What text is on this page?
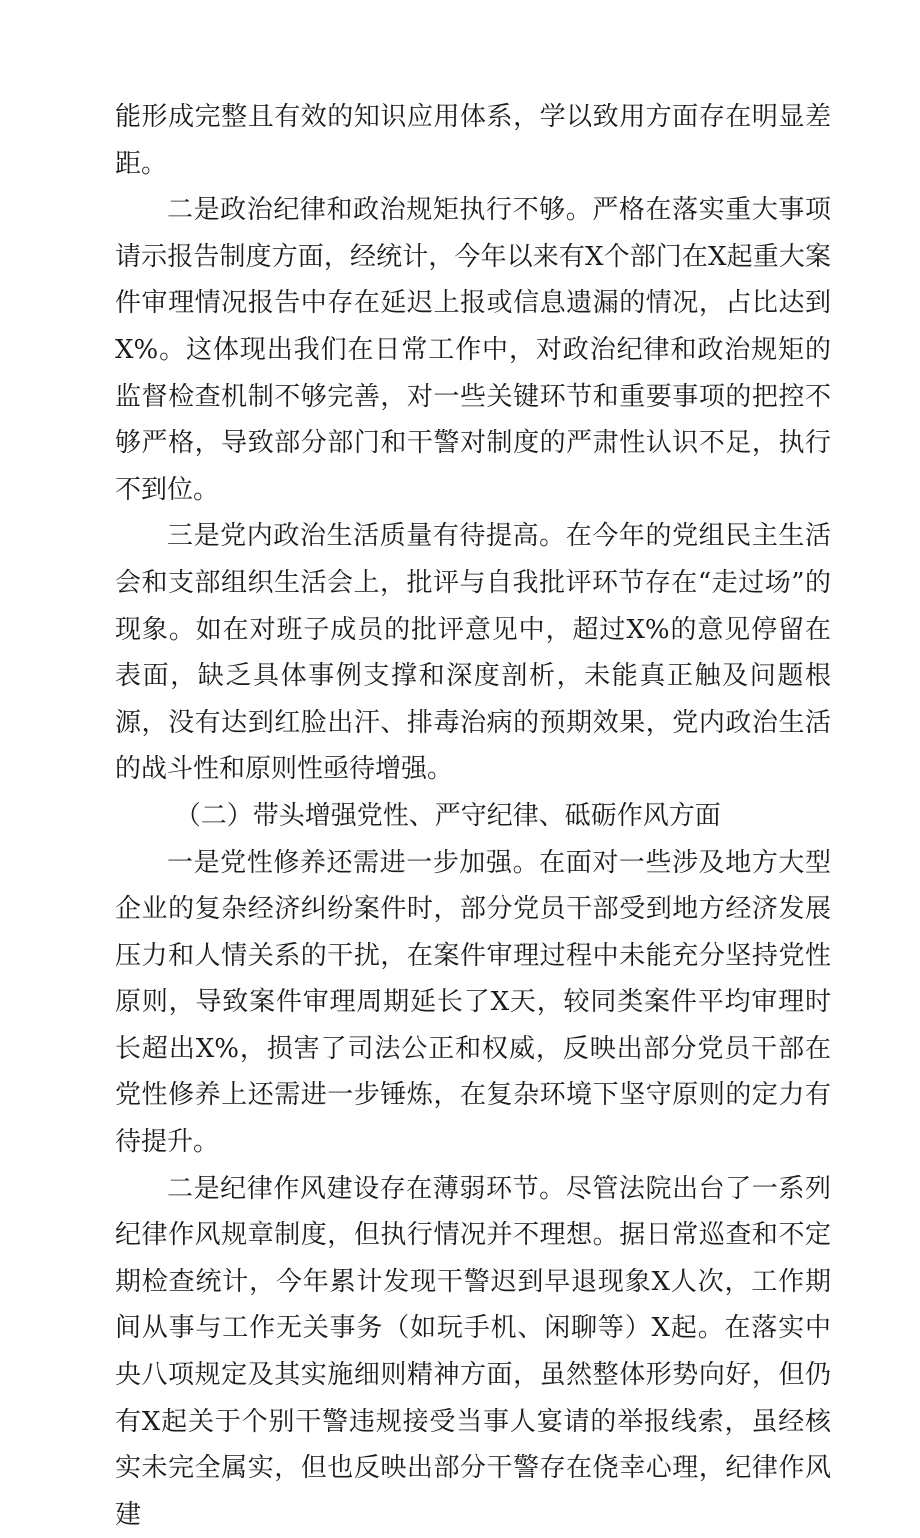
能形成完整且有效的知识应用体系，学以致用方面存在明显差距。

二是政治纪律和政治规矩执行不够。严格在落实重大事项请示报告制度方面，经统计，今年以来有X个部门在X起重大案件审理情况报告中存在延迟上报或信息遗漏的情况，占比达到X%。这体现出我们在日常工作中，对政治纪律和政治规矩的监督检查机制不够完善，对一些关键环节和重要事项的把控不够严格，导致部分部门和干警对制度的严肃性认识不足，执行不到位。

三是党内政治生活质量有待提高。在今年的党组民主生活会和支部组织生活会上，批评与自我批评环节存在“走过场”的现象。如在对班子成员的批评意见中，超过X%的意见停留在表面，缺乏具体事例支撑和深度剖析，未能真正触及问题根源，没有达到红脸出汗、排毒治病的预期效果，党内政治生活的战斗性和原则性亟待增强。

（二）带头增强党性、严守纪律、砥砺作风方面

一是党性修养还需进一步加强。在面对一些涉及地方大型企业的复杂经济纠纷案件时，部分党员干部受到地方经济发展压力和人情关系的干扰，在案件审理过程中未能充分坚持党性原则，导致案件审理周期延长了X天，较同类案件平均审理时长超出X%，损害了司法公正和权威，反映出部分党员干部在党性修养上还需进一步锤炼，在复杂环境下坚守原则的定力有待提升。

二是纪律作风建设存在薄弱环节。尽管法院出台了一系列纪律作风规章制度，但执行情况并不理想。据日常巡查和不定期检查统计，今年累计发现干警迟到早退现象X人次，工作期间从事与工作无关事务（如玩手机、闲聊等）X起。在落实中央八项规定及其实施细则精神方面，虽然整体形势向好，但仍有X起关于个别干警违规接受当事人宴请的举报线索，虽经核实未完全属实，但也反映出部分干警存在侥幸心理，纪律作风建
